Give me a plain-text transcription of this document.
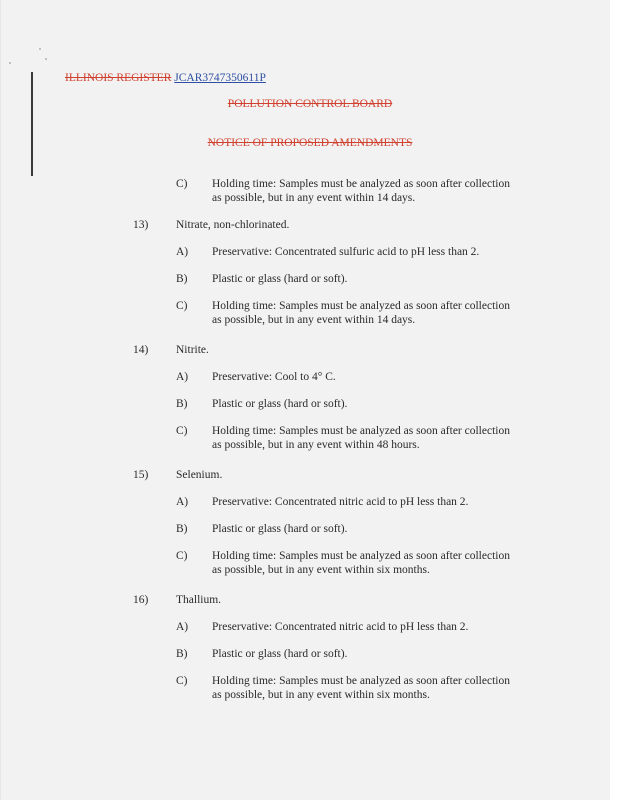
ILLINOIS REGISTER JCAR3747350611P
POLLUTION CONTROL BOARD
NOTICE OF PROPOSED AMENDMENTS
C) Holding time: Samples must be analyzed as soon after collection
as possible, but in any event within 14 days.
13)	Nitrate, non-chlorinated.
A) Preservative: Concentrated sulfuric acid to pH less than 2.
B) Plastic or glass (hard or soft).
C) Holding time: Samples must be analyzed as soon after collection
as possible, but in any event within 14 days.
14)	Nitrite.
A) Preservative: Cool to 4° C.
B) Plastic or glass (hard or soft).
C) Holding time: Samples must be analyzed as soon after collection
as possible, but in any event within 48 hours.
15)	Selenium.
A) Preservative: Concentrated nitric acid to pH less than 2.
B) Plastic or glass (hard or soft).
C) Holding time: Samples must be analyzed as soon after collection
as possible, but in any event within six months.
16)	Thallium.
A) Preservative: Concentrated nitric acid to pH less than 2.
B) Plastic or glass (hard or soft).
C) Holding time: Samples must be analyzed as soon after collection
as possible, but in any event within six months.
